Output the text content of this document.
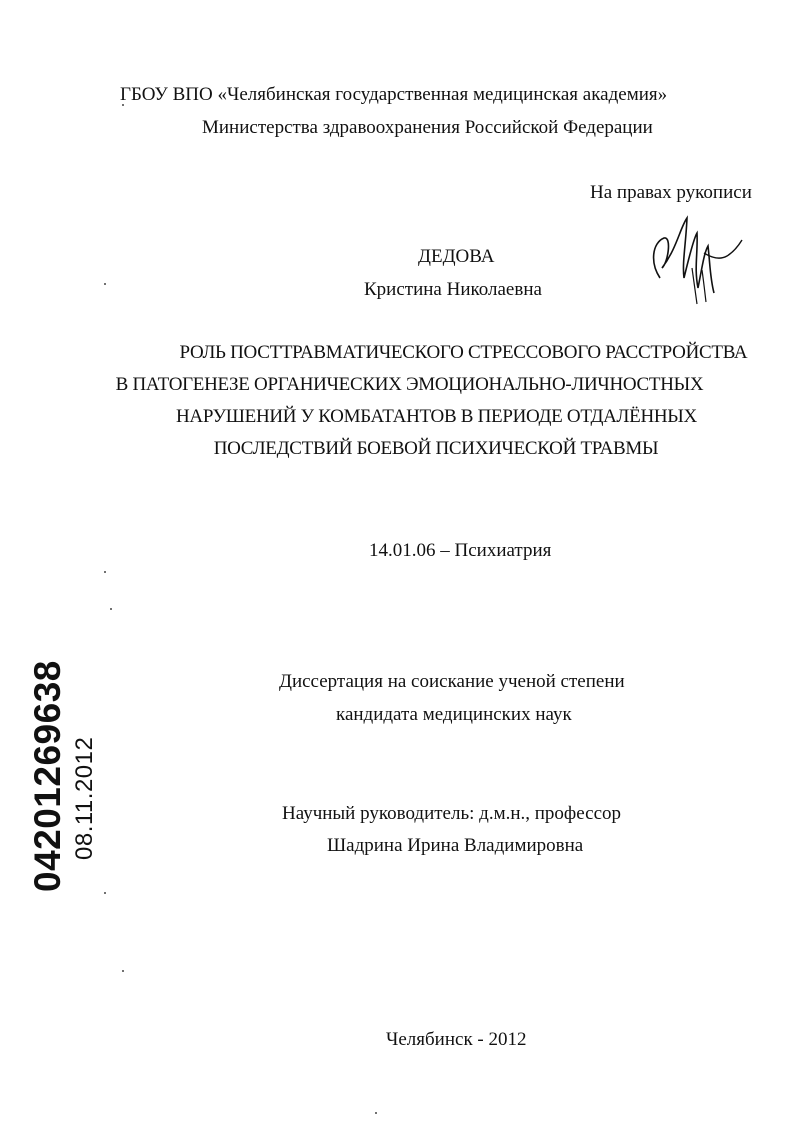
ГБОУ ВПО «Челябинская государственная медицинская академия»
Министерства здравоохранения Российской Федерации
На правах рукописи
ДЕДОВА
Кристина Николаевна
РОЛЬ ПОСТТРАВМАТИЧЕСКОГО СТРЕССОВОГО РАССТРОЙСТВА
В ПАТОГЕНЕЗЕ ОРГАНИЧЕСКИХ ЭМОЦИОНАЛЬНО-ЛИЧНОСТНЫХ
НАРУШЕНИЙ У КОМБАТАНТОВ В ПЕРИОДЕ ОТДАЛЁННЫХ
ПОСЛЕДСТВИЙ БОЕВОЙ ПСИХИЧЕСКОЙ ТРАВМЫ
14.01.06 – Психиатрия
Диссертация на соискание ученой степени
кандидата медицинских наук
Научный руководитель: д.м.н., профессор
Шадрина Ирина Владимировна
Челябинск - 2012
04201269638 08.11.2012
